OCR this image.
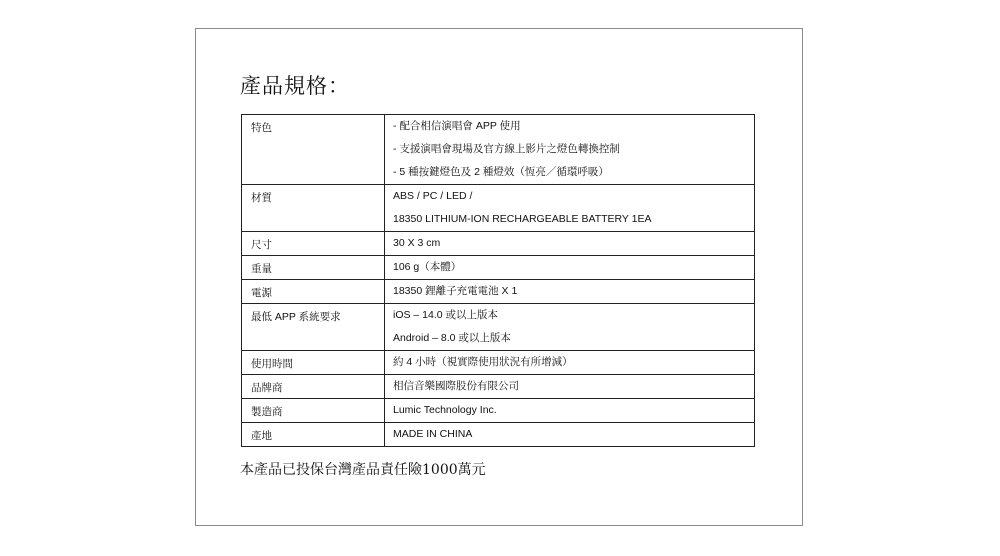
產品規格：
特色	- 配合相信演唱會 APP 使用
- 支援演唱會現場及官方線上影片之燈色轉換控制
- 5 種按鍵燈色及 2 種燈效（恆亮／循環呼吸）

材質	ABS / PC / LED /
18350 LITHIUM-ION RECHARGEABLE BATTERY 1EA

尺寸	30 X 3 cm

重量	106 g（本體）

電源	18350 鋰離子充電電池 X 1

最低 APP 系統要求	iOS – 14.0 或以上版本
Android – 8.0 或以上版本

使用時間	約 4 小時（視實際使用狀況有所增減）

品牌商	相信音樂國際股份有限公司

製造商	Lumic Technology Inc.

產地	MADE IN CHINA
本產品已投保台灣產品責任險1000萬元
